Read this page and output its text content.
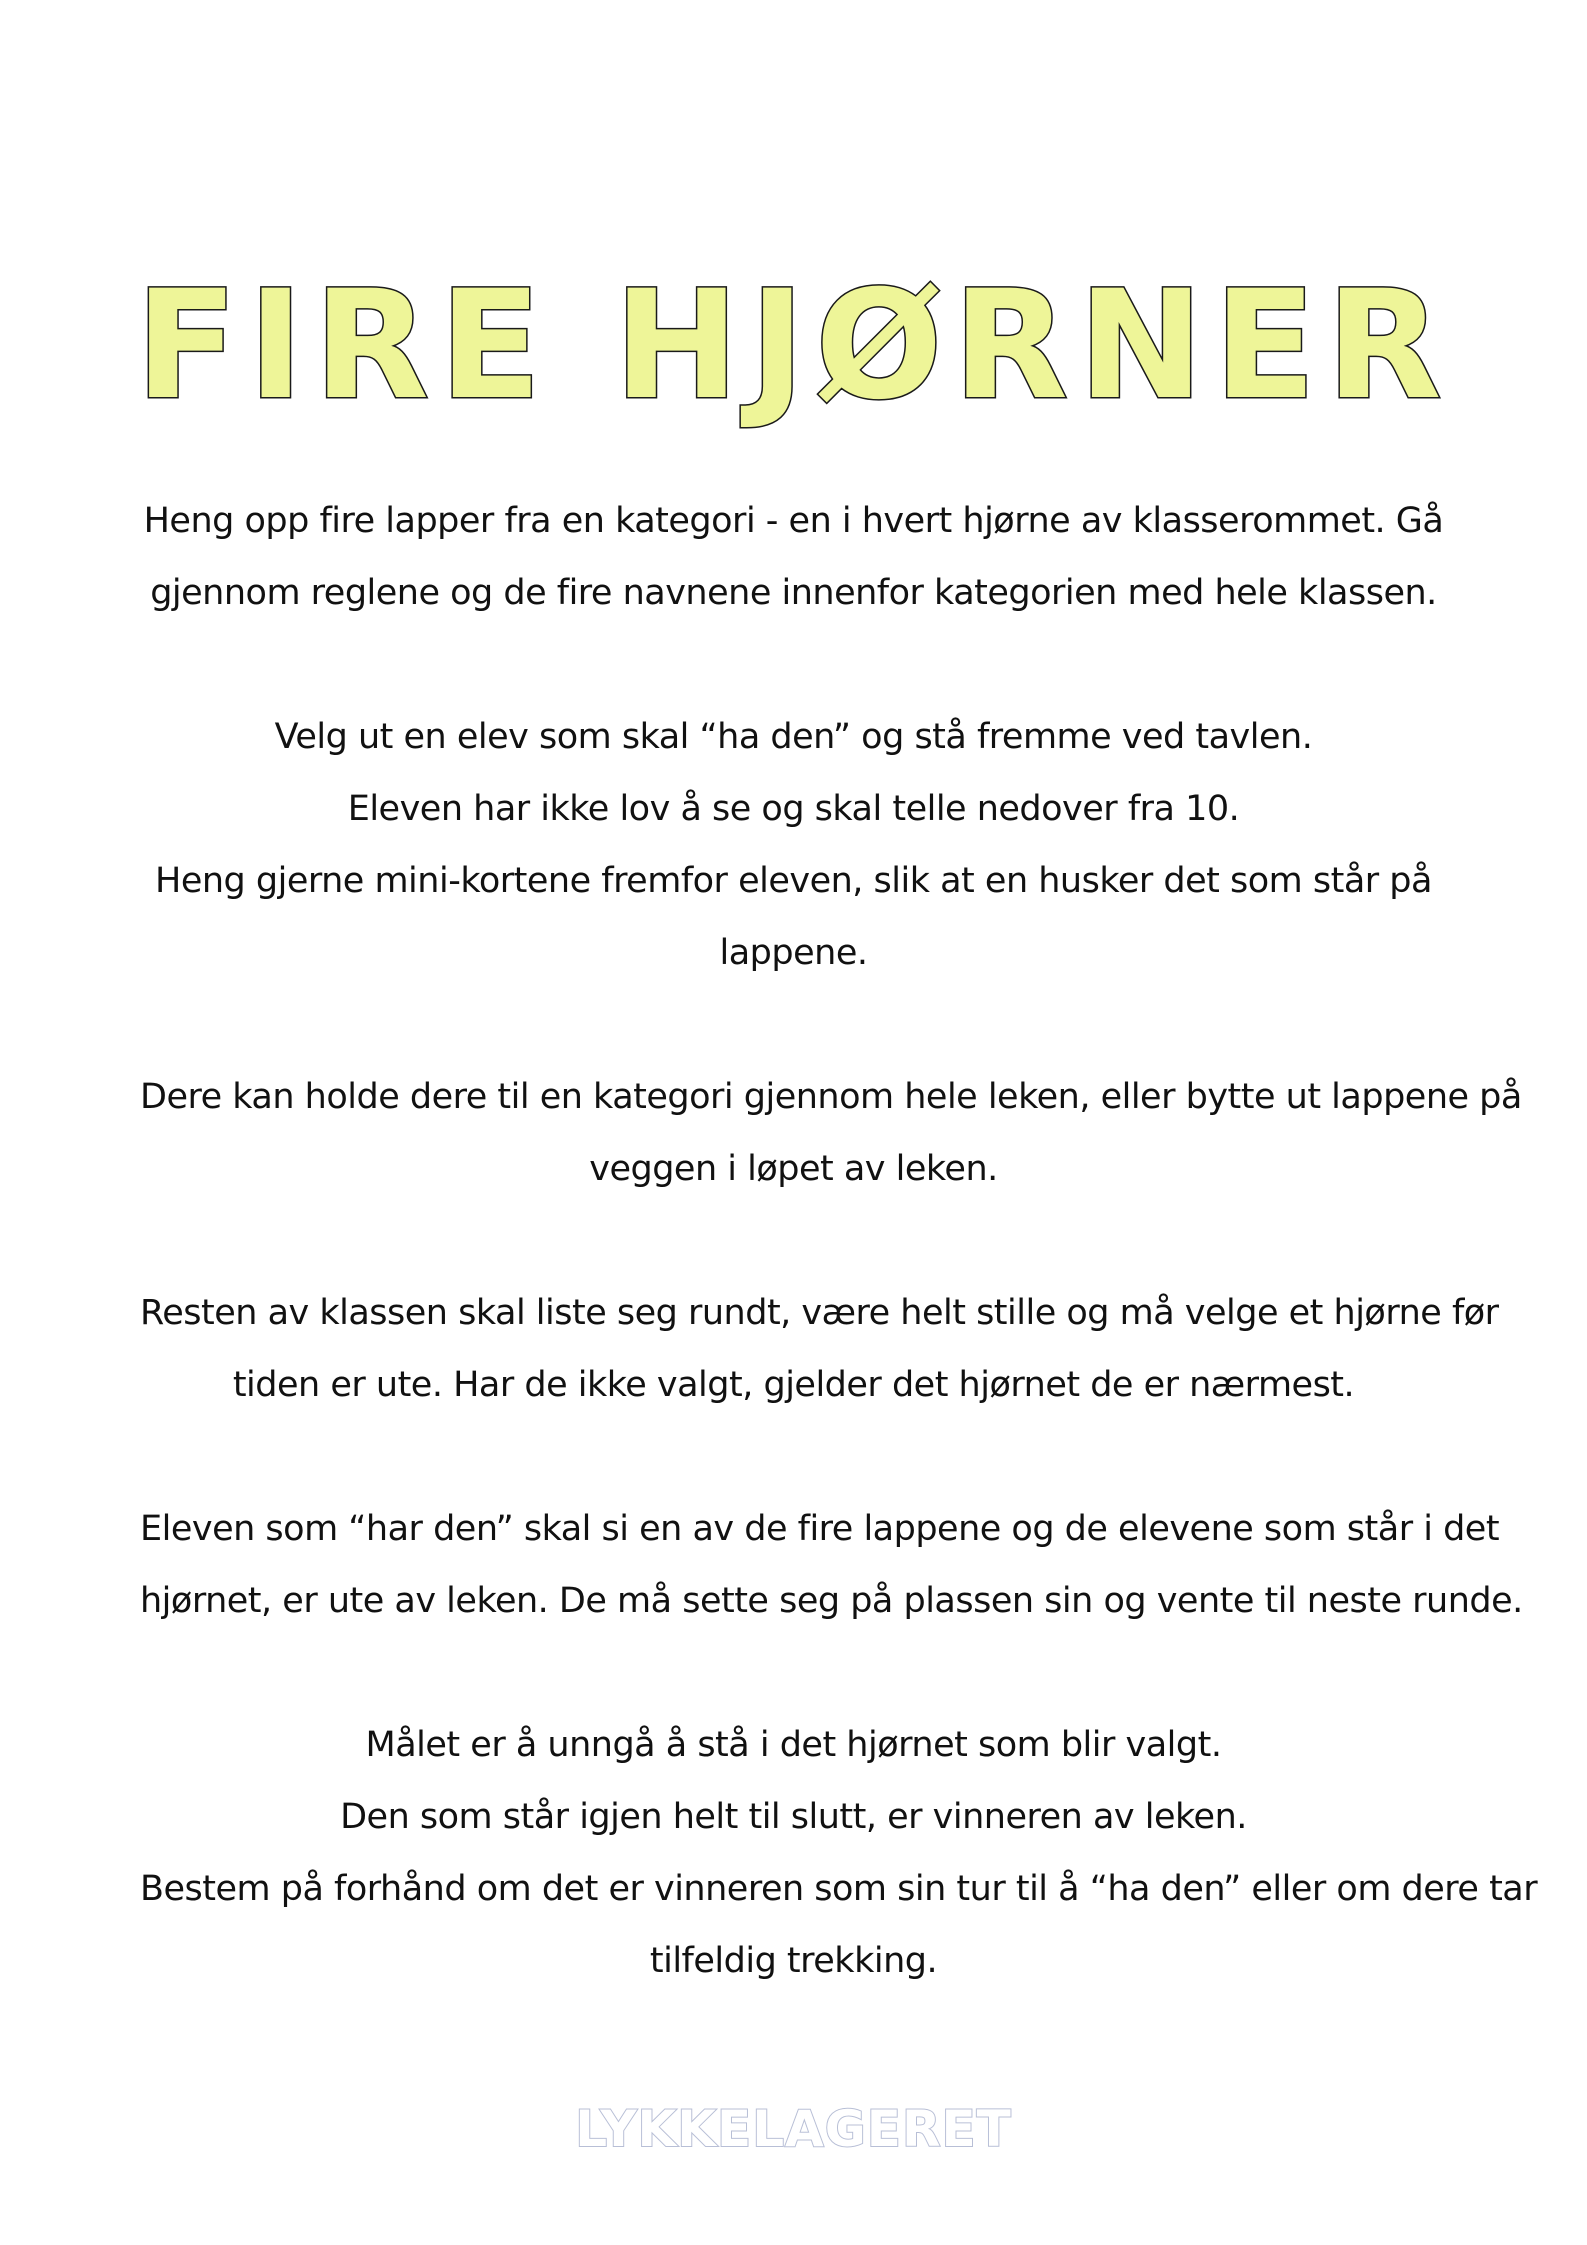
FIRE HJØRNER

Heng opp fire lapper fra en kategori - en i hvert hjørne av klasserommet. Gå
gjennom reglene og de fire navnene innenfor kategorien med hele klassen.

Velg ut en elev som skal “ha den” og stå fremme ved tavlen.
Eleven har ikke lov å se og skal telle nedover fra 10.
Heng gjerne mini-kortene fremfor eleven, slik at en husker det som står på
lappene.

Dere kan holde dere til en kategori gjennom hele leken, eller bytte ut lappene på
veggen i løpet av leken.

Resten av klassen skal liste seg rundt, være helt stille og må velge et hjørne før
tiden er ute. Har de ikke valgt, gjelder det hjørnet de er nærmest.

Eleven som “har den” skal si en av de fire lappene og de elevene som står i det
hjørnet, er ute av leken. De må sette seg på plassen sin og vente til neste runde.

Målet er å unngå å stå i det hjørnet som blir valgt.
Den som står igjen helt til slutt, er vinneren av leken.
Bestem på forhånd om det er vinneren som sin tur til å “ha den” eller om dere tar
tilfeldig trekking.

LYKKELAGERET
